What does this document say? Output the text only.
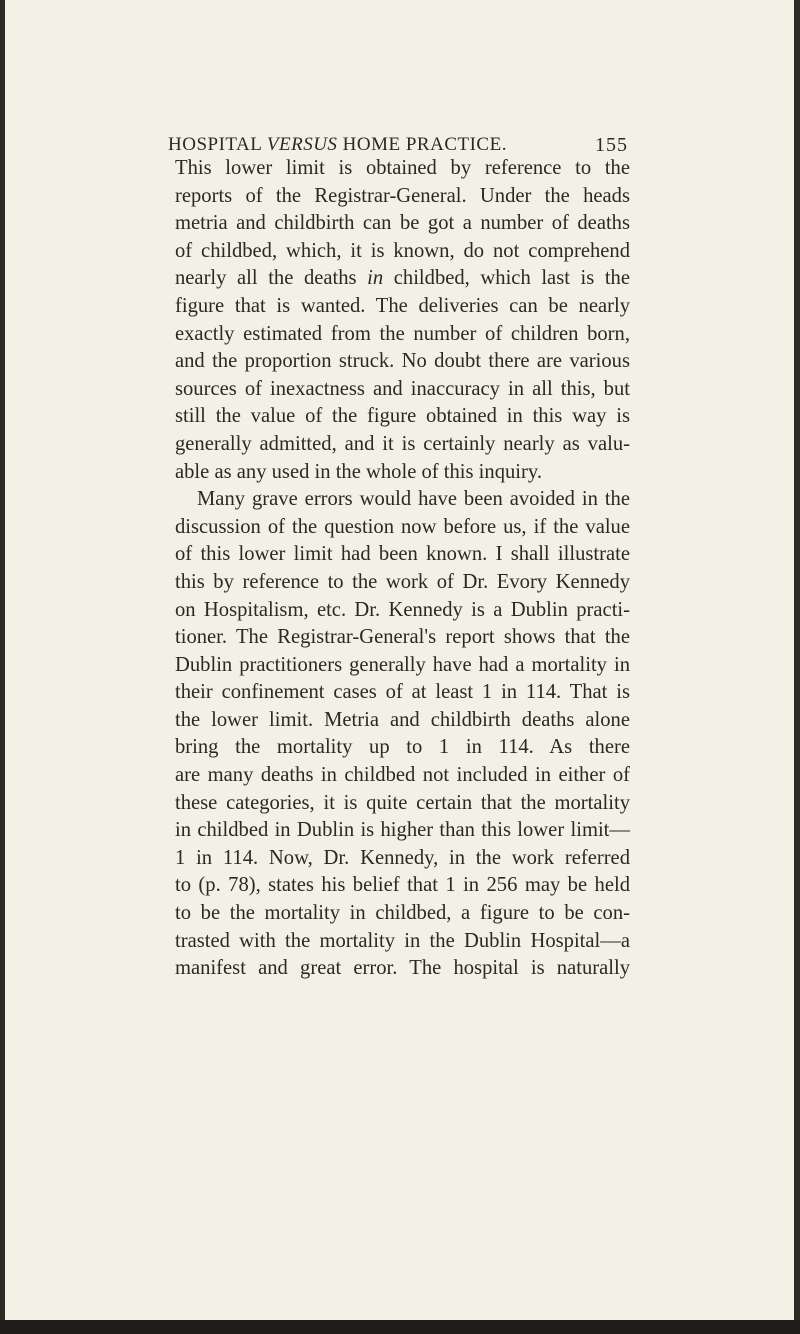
HOSPITAL VERSUS HOME PRACTICE.	155
This lower limit is obtained by reference to the
reports of the Registrar-General. Under the heads
metria and childbirth can be got a number of deaths
of childbed, which, it is known, do not comprehend
nearly all the deaths in childbed, which last is the
figure that is wanted. The deliveries can be nearly
exactly estimated from the number of children born,
and the proportion struck. No doubt there are various
sources of inexactness and inaccuracy in all this, but
still the value of the figure obtained in this way is
generally admitted, and it is certainly nearly as valu-
able as any used in the whole of this inquiry.
Many grave errors would have been avoided in the
discussion of the question now before us, if the value
of this lower limit had been known. I shall illustrate
this by reference to the work of Dr. Evory Kennedy
on Hospitalism, etc. Dr. Kennedy is a Dublin practi-
tioner. The Registrar-General's report shows that the
Dublin practitioners generally have had a mortality in
their confinement cases of at least 1 in 114. That is
the lower limit. Metria and childbirth deaths alone
bring the mortality up to 1 in 114. As there
are many deaths in childbed not included in either of
these categories, it is quite certain that the mortality
in childbed in Dublin is higher than this lower limit—
1 in 114. Now, Dr. Kennedy, in the work referred
to (p. 78), states his belief that 1 in 256 may be held
to be the mortality in childbed, a figure to be con-
trasted with the mortality in the Dublin Hospital—a
manifest and great error. The hospital is naturally
